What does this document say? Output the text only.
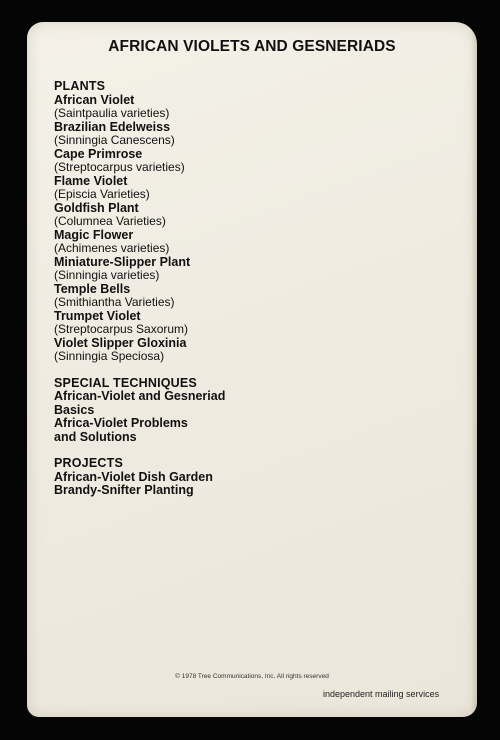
AFRICAN VIOLETS AND GESNERIADS
PLANTS
African Violet
(Saintpaulia varieties)
Brazilian Edelweiss
(Sinningia Canescens)
Cape Primrose
(Streptocarpus varieties)
Flame Violet
(Episcia Varieties)
Goldfish Plant
(Columnea Varieties)
Magic Flower
(Achimenes varieties)
Miniature-Slipper Plant
(Sinningia varieties)
Temple Bells
(Smithiantha Varieties)
Trumpet Violet
(Streptocarpus Saxorum)
Violet Slipper Gloxinia
(Sinningia Speciosa)
SPECIAL TECHNIQUES
African-Violet and Gesneriad
Basics
Africa-Violet Problems
and Solutions
PROJECTS
African-Violet Dish Garden
Brandy-Snifter Planting
© 1978 Tree Communications, Inc. All rights reserved
independent mailing services
